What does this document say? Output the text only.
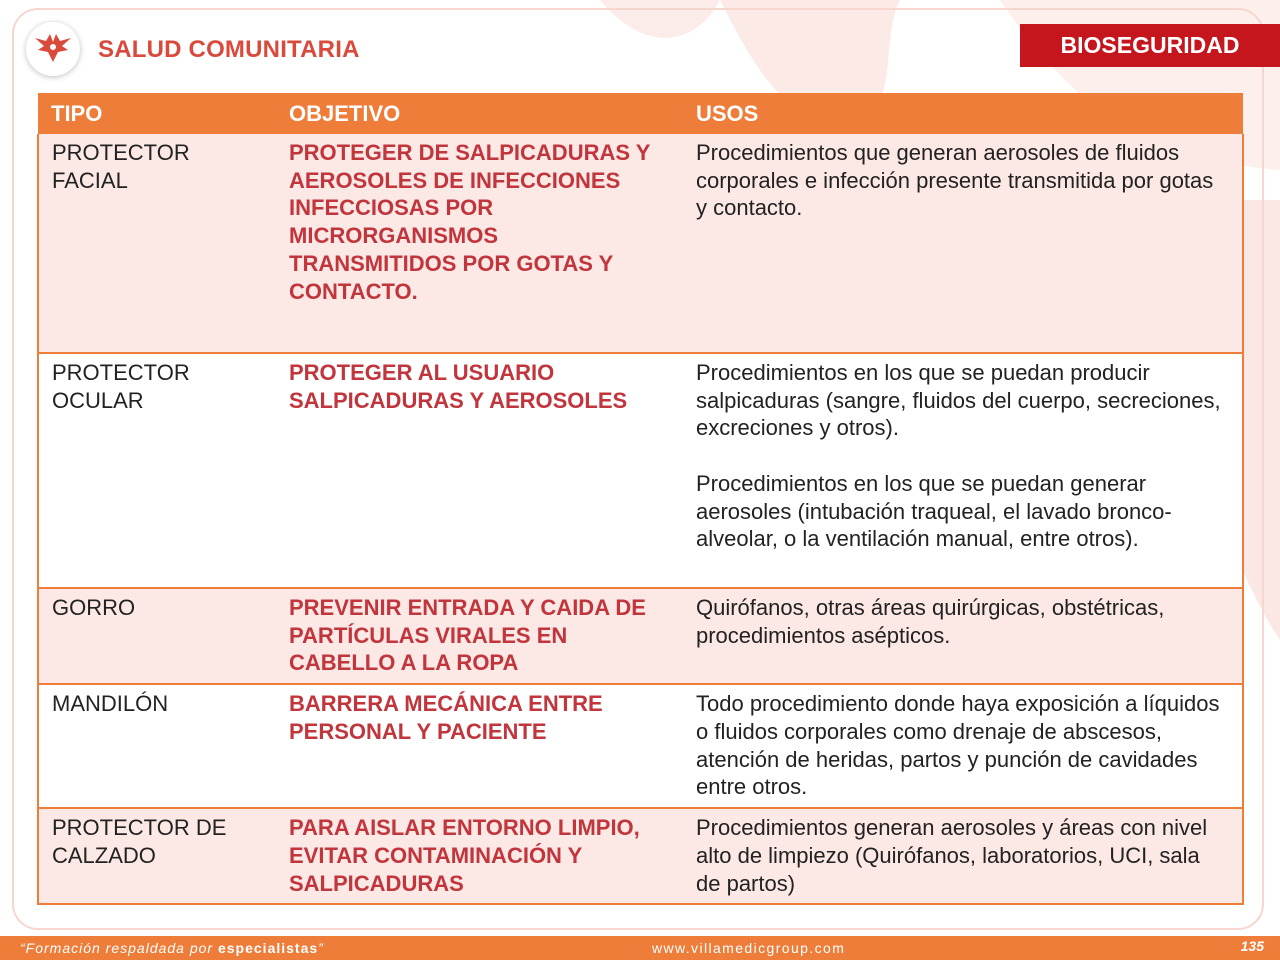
SALUD COMUNITARIA	BIOSEGURIDAD
TIPO	OBJETIVO	USOS
PROTECTOR FACIAL	PROTEGER DE SALPICADURAS Y AEROSOLES DE INFECCIONES INFECCIOSAS POR MICRORGANISMOS TRANSMITIDOS POR GOTAS Y CONTACTO.	Procedimientos que generan aerosoles de fluidos corporales e infección presente transmitida por gotas y contacto.

PROTECTOR OCULAR	PROTEGER AL USUARIO SALPICADURAS Y AEROSOLES	Procedimientos en los que se puedan producir salpicaduras (sangre, fluidos del cuerpo, secreciones, excreciones y otros).

Procedimientos en los que se puedan generar aerosoles (intubación traqueal, el lavado bronco-alveolar, o la ventilación manual, entre otros).

GORRO	PREVENIR ENTRADA Y CAIDA DE PARTÍCULAS VIRALES EN CABELLO A LA ROPA	Quirófanos, otras áreas quirúrgicas, obstétricas, procedimientos asépticos.

MANDILÓN	BARRERA MECÁNICA ENTRE PERSONAL Y PACIENTE	Todo procedimiento donde haya exposición a líquidos o fluidos corporales como drenaje de abscesos, atención de heridas, partos y punción de cavidades entre otros.

PROTECTOR DE CALZADO	PARA AISLAR ENTORNO LIMPIO, EVITAR CONTAMINACIÓN Y SALPICADURAS	Procedimientos generan aerosoles y áreas con nivel alto de limpiezo (Quirófanos, laboratorios, UCI, sala de partos)

“Formación respaldada por especialistas”	www.villamedicgroup.com	135
